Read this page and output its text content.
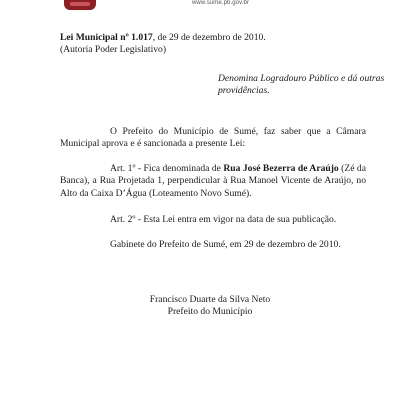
www.sume.pb.gov.br
Lei Municipal nº 1.017, de 29 de dezembro de 2010.
(Autoria Poder Legislativo)
Denomina Logradouro Público e dá outras providências.
O Prefeito do Município de Sumé, faz saber que a Câmara Municipal aprova e é sancionada a presente Lei:
Art. 1º - Fica denominada de Rua José Bezerra de Araújo (Zé da Banca), a Rua Projetada 1, perpendicular à Rua Manoel Vicente de Araújo, no Alto da Caixa D’Água (Loteamento Novo Sumé).
Art. 2º - Esta Lei entra em vigor na data de sua publicação.
Gabinete do Prefeito de Sumé, em 29 de dezembro de 2010.
Francisco Duarte da Silva Neto
Prefeito do Município
